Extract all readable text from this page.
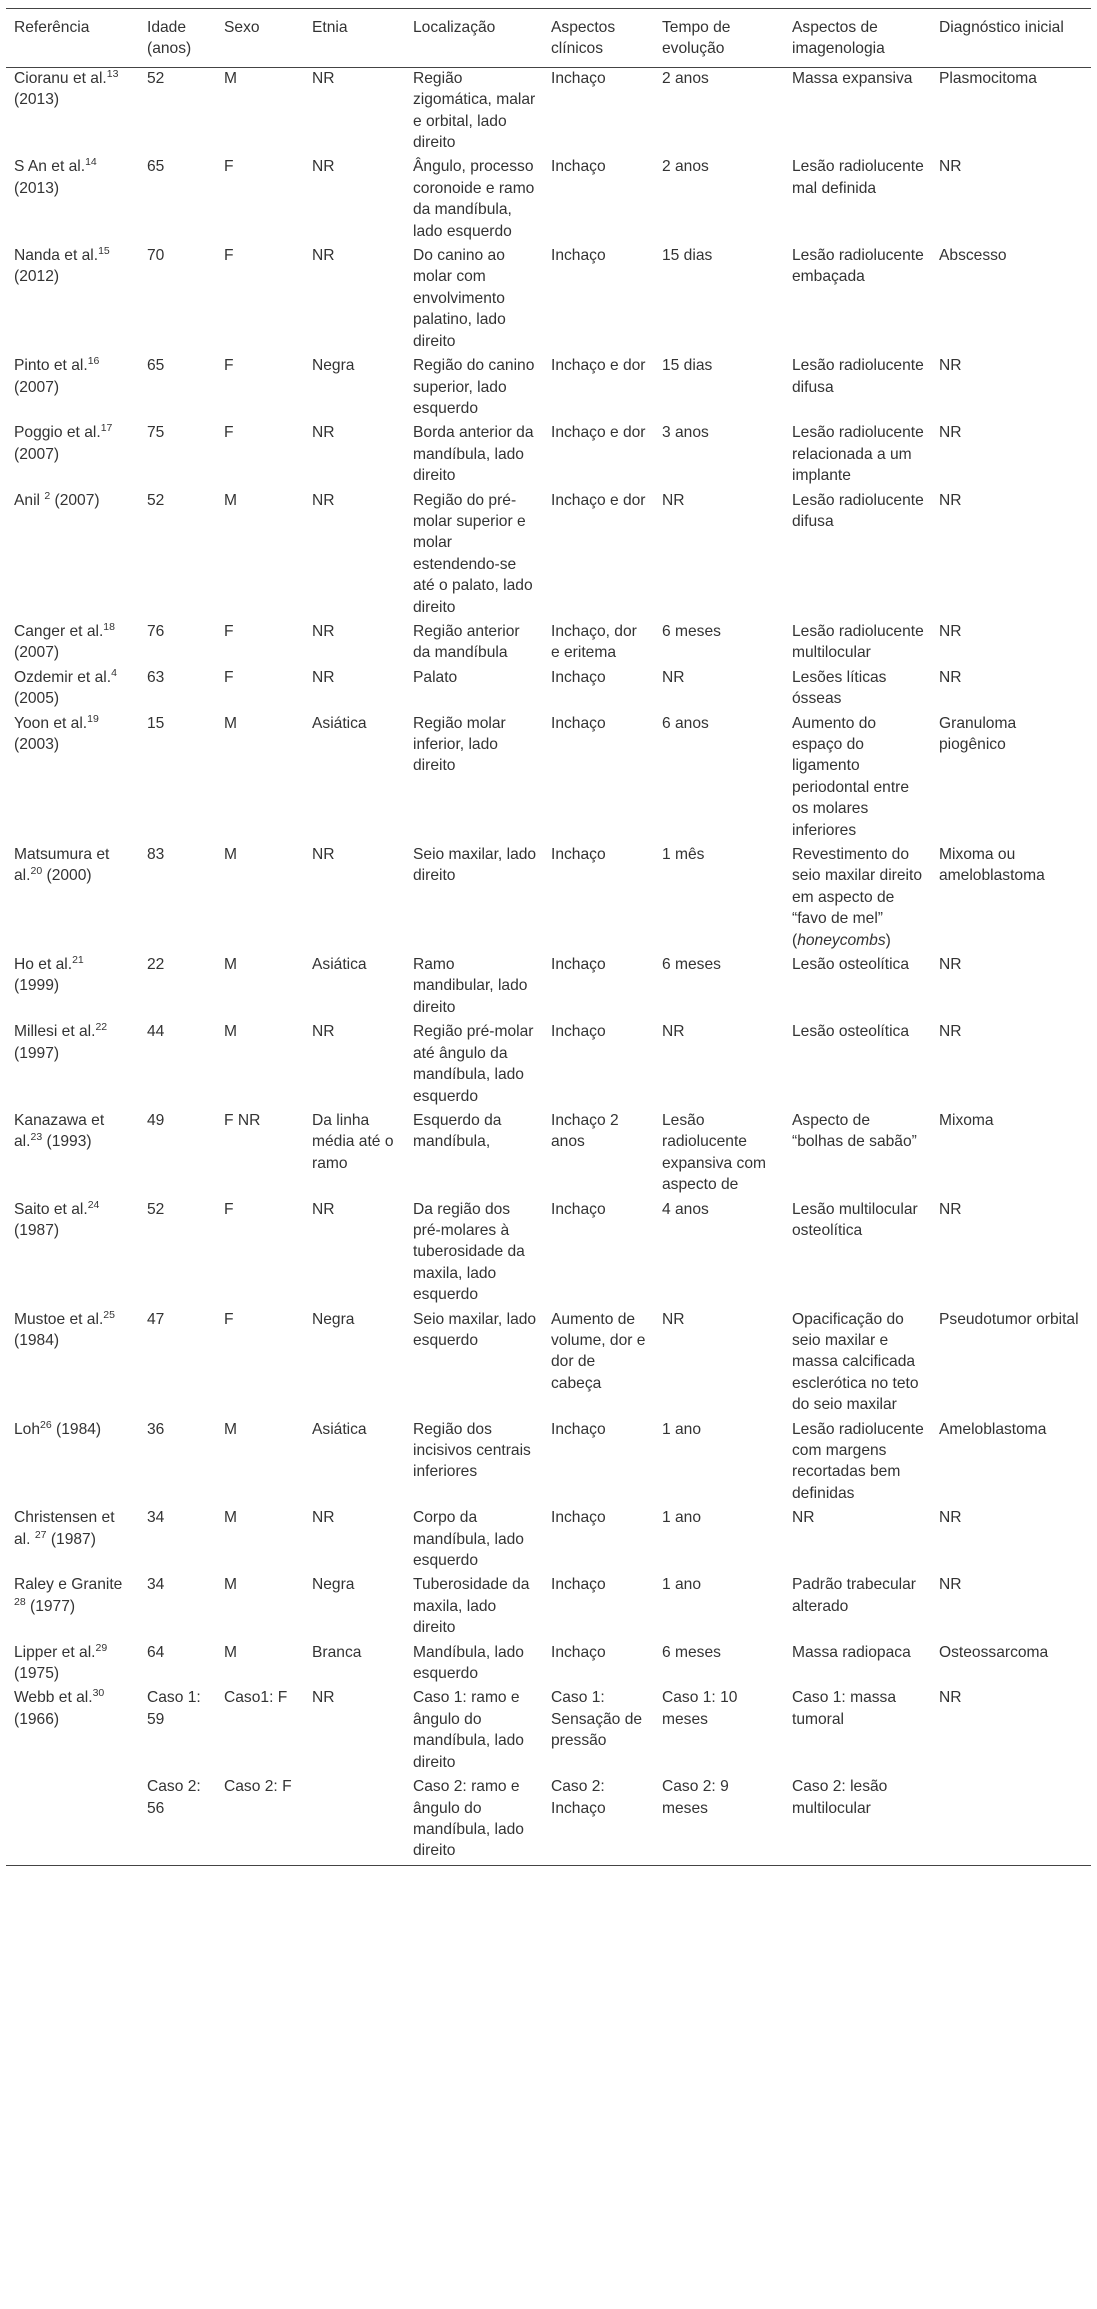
Referência	Idade (anos)	Sexo	Etnia	Localização	Aspectos clínicos	Tempo de evolução	Aspectos de imagenologia	Diagnóstico inicial
Cioranu et al.$^{13}$ (2013)	52	M	NR	Região zigomática, malar e orbital, lado direito	Inchaço	2 anos	Massa expansiva	Plasmocitoma
S An et al.$^{14}$ (2013)	65	F	NR	Ângulo, processo coronoide e ramo da mandíbula, lado esquerdo	Inchaço	2 anos	Lesão radiolucente mal definida	NR
Nanda et al.$^{15}$ (2012)	70	F	NR	Do canino ao molar com envolvimento palatino, lado direito	Inchaço	15 dias	Lesão radiolucente embaçada	Abscesso
Pinto et al.$^{16}$ (2007)	65	F	Negra	Região do canino superior, lado esquerdo	Inchaço e dor	15 dias	Lesão radiolucente difusa	NR
Poggio et al.$^{17}$ (2007)	75	F	NR	Borda anterior da mandíbula, lado direito	Inchaço e dor	3 anos	Lesão radiolucente relacionada a um implante	NR
Anil $^2$ (2007)	52	M	NR	Região do pré-molar superior e molar estendendo-se até o palato, lado direito	Inchaço e dor	NR	Lesão radiolucente difusa	NR
Canger et al.$^{18}$ (2007)	76	F	NR	Região anterior da mandíbula	Inchaço, dor e eritema	6 meses	Lesão radiolucente multilocular	NR
Ozdemir et al.$^4$ (2005)	63	F	NR	Palato	Inchaço	NR	Lesões líticas ósseas	NR
Yoon et al.$^{19}$ (2003)	15	M	Asiática	Região molar inferior, lado direito	Inchaço	6 anos	Aumento do espaço do ligamento periodontal entre os molares inferiores	Granuloma piogênico
Matsumura et al.$^{20}$ (2000)	83	M	NR	Seio maxilar, lado direito	Inchaço	1 mês	Revestimento do seio maxilar direito em aspecto de “favo de mel” (honeycombs)	Mixoma ou ameloblastoma
Ho et al.$^{21}$ (1999)	22	M	Asiática	Ramo mandibular, lado direito	Inchaço	6 meses	Lesão osteolítica	NR
Millesi et al.$^{22}$ (1997)	44	M	NR	Região pré-molar até ângulo da mandíbula, lado esquerdo	Inchaço	NR	Lesão osteolítica	NR
Kanazawa et al.$^{23}$ (1993)	49	F NR	Da linha média até o ramo	Esquerdo da mandíbula,	Inchaço 2 anos	Lesão radiolucente expansiva com aspecto de	Aspecto de “bolhas de sabão”	Mixoma
Saito et al.$^{24}$ (1987)	52	F	NR	Da região dos pré-molares à tuberosidade da maxila, lado esquerdo	Inchaço	4 anos	Lesão multilocular osteolítica	NR
Mustoe et al.$^{25}$ (1984)	47	F	Negra	Seio maxilar, lado esquerdo	Aumento de volume, dor e dor de cabeça	NR	Opacificação do seio maxilar e massa calcificada esclerótica no teto do seio maxilar	Pseudotumor orbital
Loh$^{26}$ (1984)	36	M	Asiática	Região dos incisivos centrais inferiores	Inchaço	1 ano	Lesão radiolucente com margens recortadas bem definidas	Ameloblastoma
Christensen et al. $^{27}$ (1987)	34	M	NR	Corpo da mandíbula, lado esquerdo	Inchaço	1 ano	NR	NR
Raley e Granite $^{28}$ (1977)	34	M	Negra	Tuberosidade da maxila, lado direito	Inchaço	1 ano	Padrão trabecular alterado	NR
Lipper et al.$^{29}$ (1975)	64	M	Branca	Mandíbula, lado esquerdo	Inchaço	6 meses	Massa radiopaca	Osteossarcoma
Webb et al.$^{30}$ (1966)	Caso 1: 59	Caso1: F	NR	Caso 1: ramo e ângulo do mandíbula, lado direito	Caso 1: Sensação de pressão	Caso 1: 10 meses	Caso 1: massa tumoral	NR
	Caso 2: 56	Caso 2: F		Caso 2: ramo e ângulo do mandíbula, lado direito	Caso 2: Inchaço	Caso 2: 9 meses	Caso 2: lesão multilocular	
